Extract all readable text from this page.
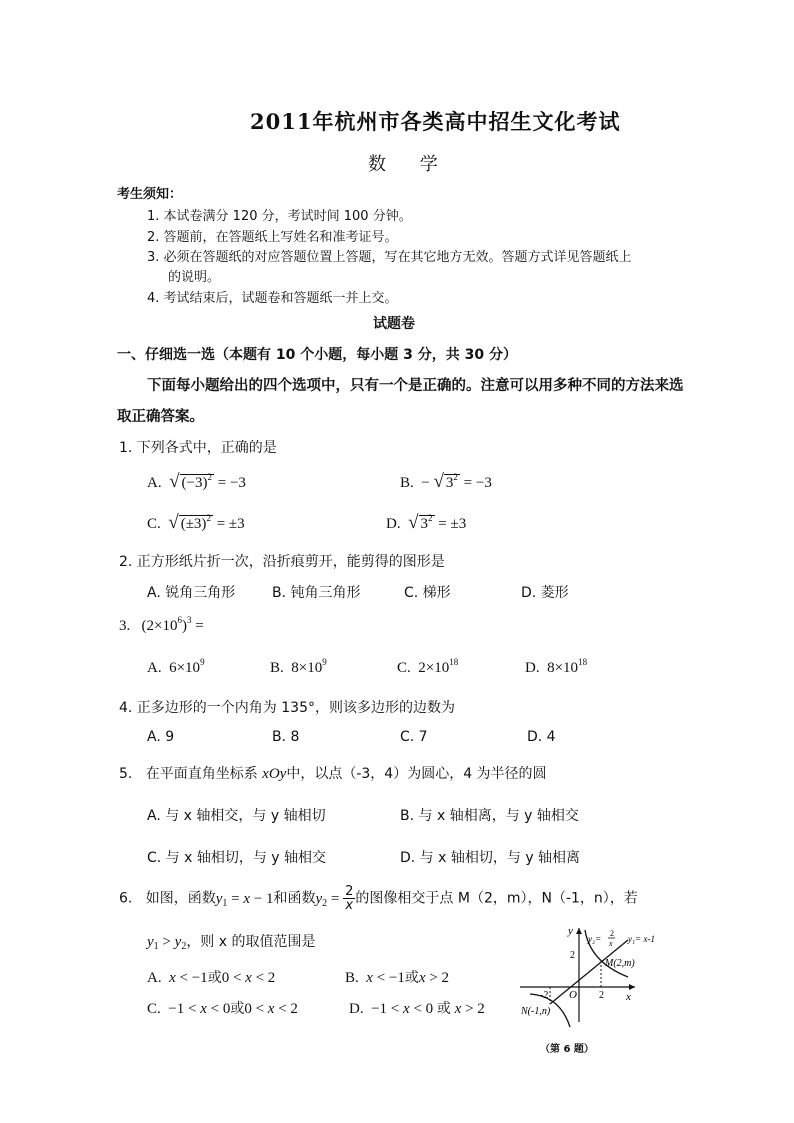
2011年杭州市各类高中招生文化考试
数 学
考生须知：
1. 本试卷满分 120 分，考试时间 100 分钟。
2. 答题前，在答题纸上写姓名和准考证号。
3. 必须在答题纸的对应答题位置上答题，写在其它地方无效。答题方式详见答题纸上
的说明。
4. 考试结束后，试题卷和答题纸一并上交。
试题卷
一、仔细选一选（本题有 10 个小题，每小题 3 分，共 30 分）
下面每小题给出的四个选项中，只有一个是正确的。注意可以用多种不同的方法来选
取正确答案。
1. 下列各式中，正确的是
A. √ $(-3)^2 = -3$	B.  − √ $3^2 = -3$
C. √ $(\pm 3)^2 = \pm 3$	D. √ $3^2 = \pm 3$
2. 正方形纸片折一次，沿折痕剪开，能剪得的图形是
A. 锐角三角形	B. 钝角三角形	C. 梯形	D. 菱形
3.   $(2\times 10^6)^3$ =
A.  $6\times 10^9$	B.  $8\times 10^9$	C.  $2\times 10^{18}$	D.  $8\times 10^{18}$
4. 正多边形的一个内角为 135°，则该多边形的边数为
A. 9	B. 8	C. 7	D. 4
5. 在平面直角坐标系 xOy中，以点（-3，4）为圆心，4 为半径的圆
A. 与 x 轴相交，与 y 轴相切	B. 与 x 轴相离，与 y 轴相交
C. 与 x 轴相切，与 y 轴相交	D. 与 x 轴相切，与 y 轴相离
6. 如图，函数$y_1 = x - 1$和函数$y_2 = \frac{2}{x}$ 的图像相交于点 M（2，m），N（-1，n），若
$y_1 > y_2$，则 x 的取值范围是
A. x < −1或0 < x < 2	B. x < −1或x > 2
C.  −1 < x < 0或0 < x < 2	D.  −1 < x < 0 或 x > 2
y
x
O
2
-2	2
M(2,m)
N(-1,n)
y₁= x-1
y₂=
2
x
（第 6 题）
